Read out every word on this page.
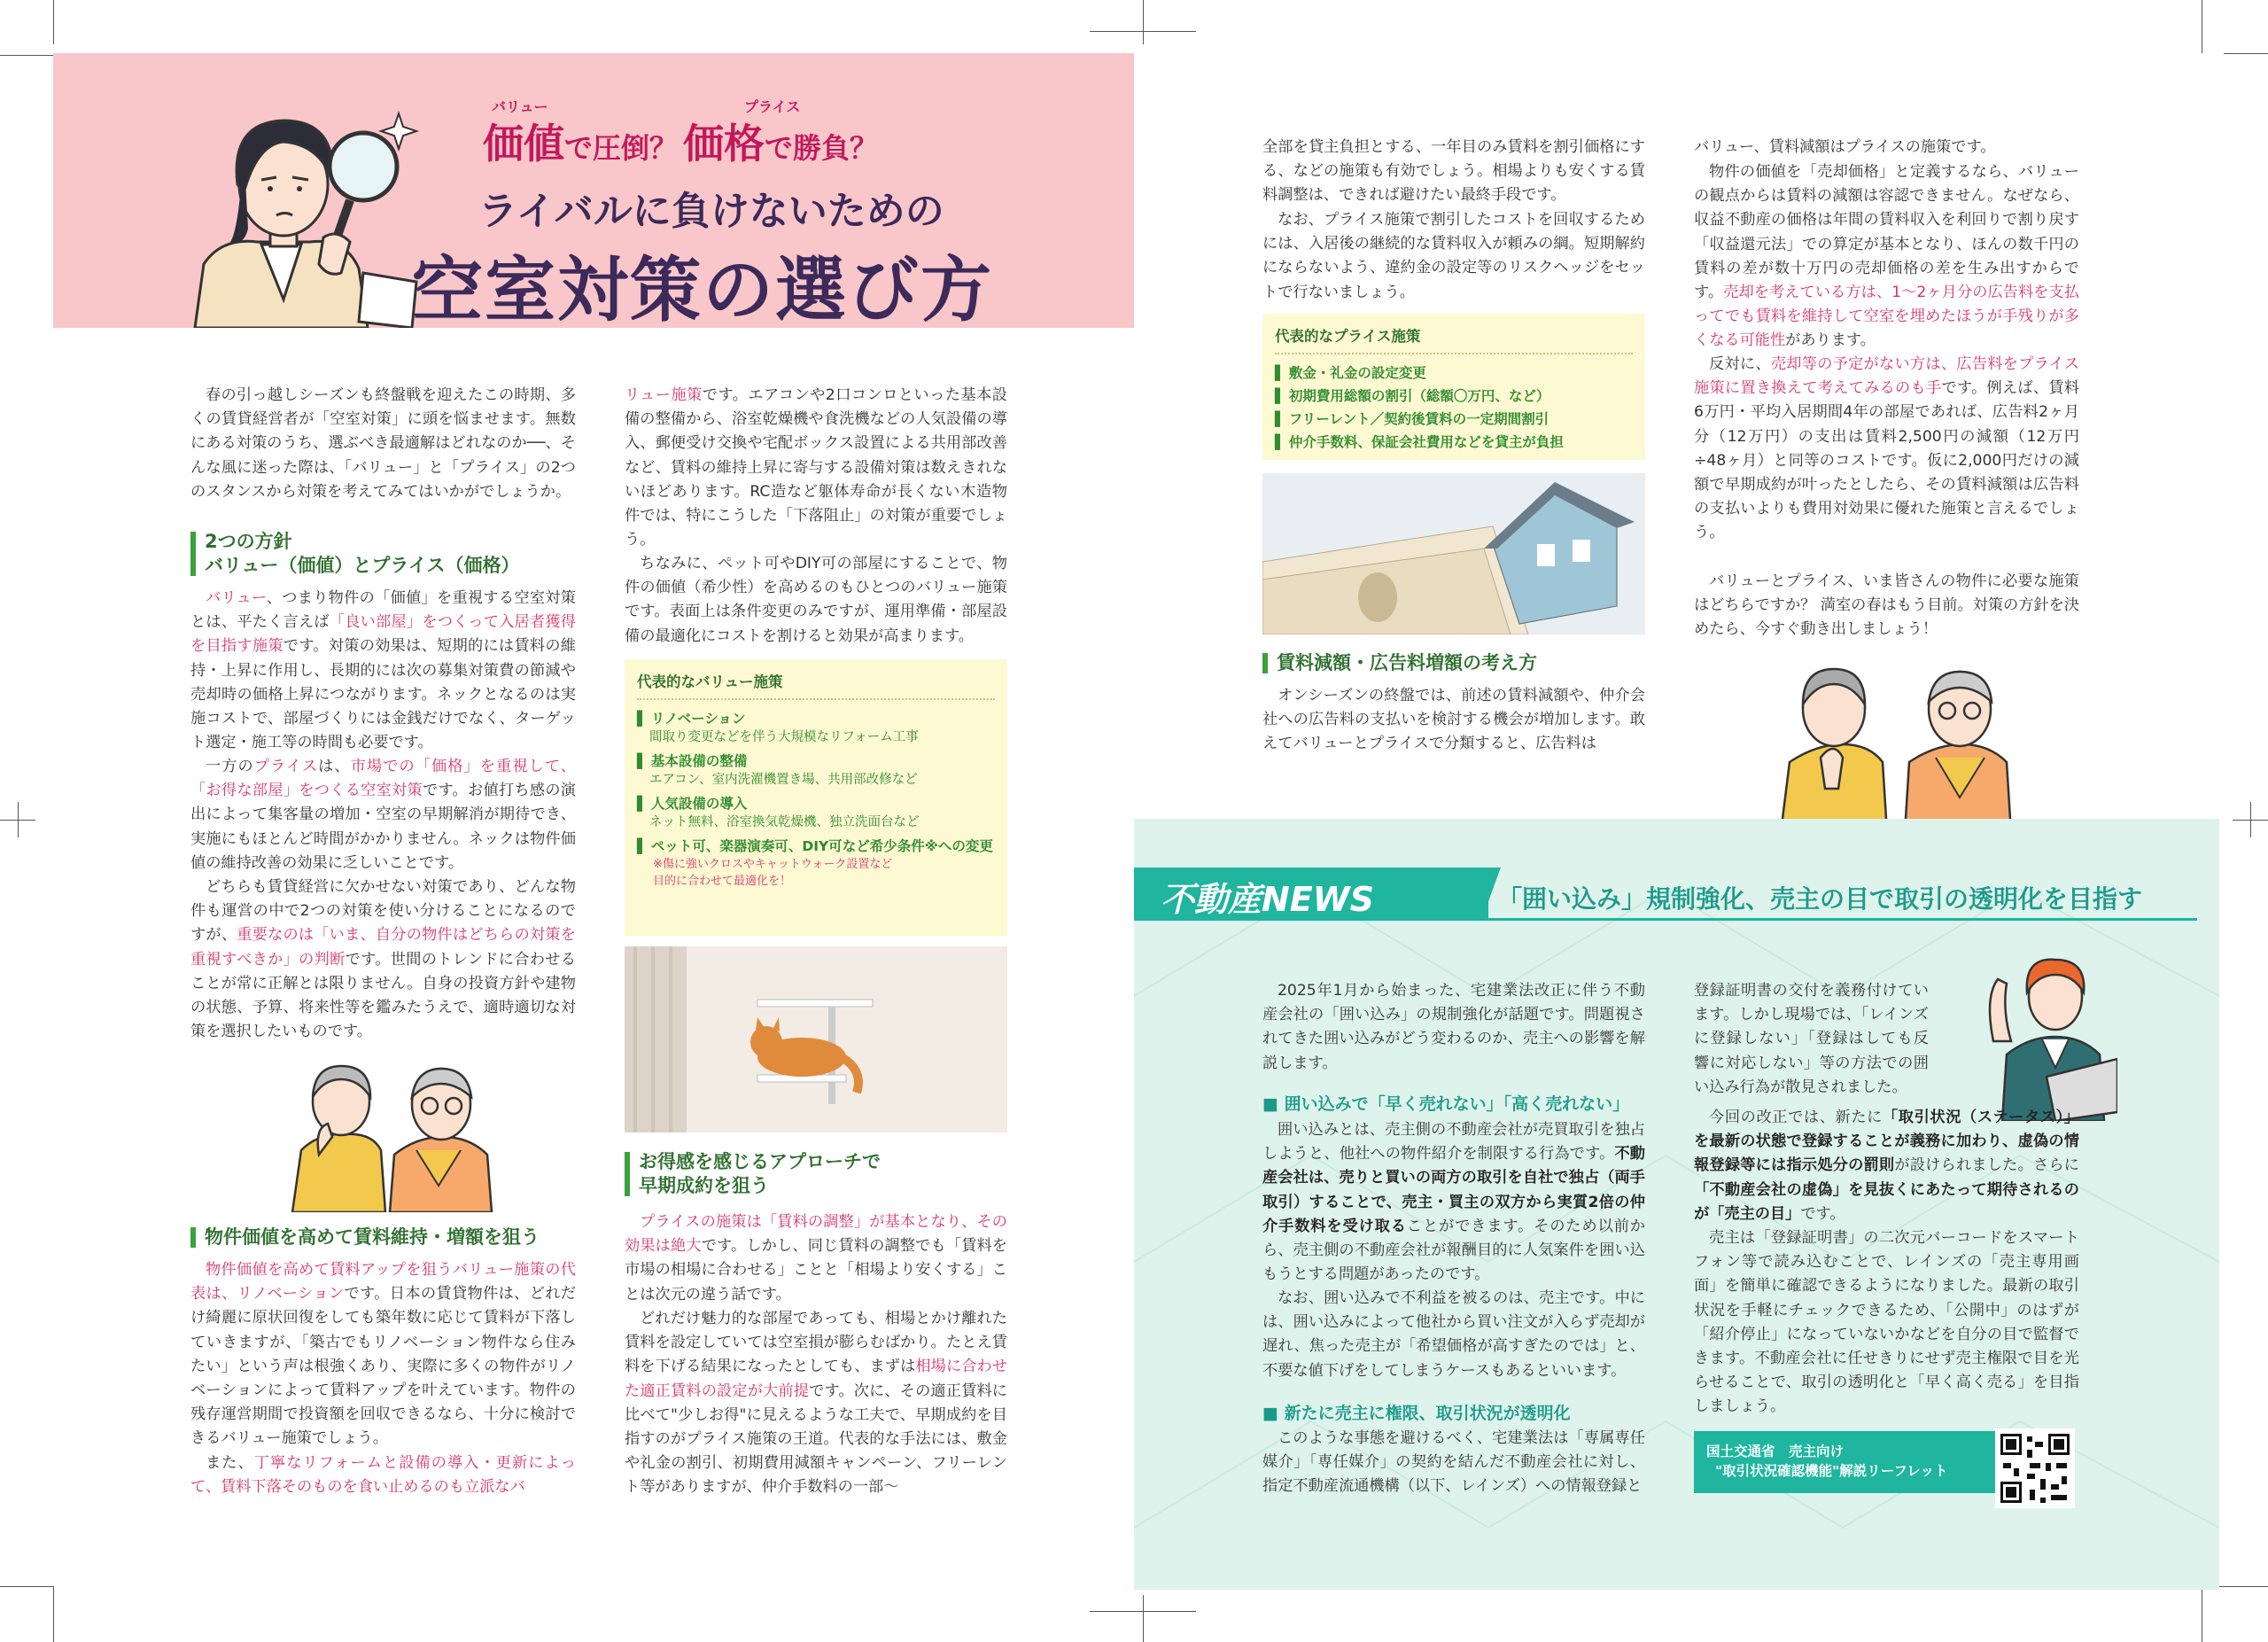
バリュー	プライス
価値で圧倒？ 価格で勝負？
ライバルに負けないための
空室対策の選び方
春の引っ越しシーズンも終盤戦を迎えたこの時期、多くの賃貸経営者が「空室対策」に頭を悩ませます。無数にある対策のうち、選ぶべき最適解はどれなのか──、そんな風に迷った際は、「バリュー」と「プライス」の2つのスタンスから対策を考えてみてはいかがでしょうか。
2つの方針
バリュー（価値）とプライス（価格）
バリュー、つまり物件の「価値」を重視する空室対策とは、平たく言えば「良い部屋」をつくって入居者獲得を目指す施策です。対策の効果は、短期的には賃料の維持・上昇に作用し、長期的には次の募集対策費の節減や売却時の価格上昇につながります。ネックとなるのは実施コストで、部屋づくりには金銭だけでなく、ターゲット選定・施工等の時間も必要です。
一方のプライスは、市場での「価格」を重視して、「お得な部屋」をつくる空室対策です。お値打ち感の演出によって集客量の増加・空室の早期解消が期待でき、実施にもほとんど時間がかかりません。ネックは物件価値の維持改善の効果に乏しいことです。
どちらも賃貸経営に欠かせない対策であり、どんな物件も運営の中で2つの対策を使い分けることになるのですが、重要なのは「いま、自分の物件はどちらの対策を重視すべきか」の判断です。世間のトレンドに合わせることが常に正解とは限りません。自身の投資方針や建物の状態、予算、将来性等を鑑みたうえで、適時適切な対策を選択したいものです。
物件価値を高めて賃料維持・増額を狙う
物件価値を高めて賃料アップを狙うバリュー施策の代表は、リノベーションです。日本の賃貸物件は、どれだけ綺麗に原状回復をしても築年数に応じて賃料が下落していきますが、「築古でもリノベーション物件なら住みたい」という声は根強くあり、実際に多くの物件がリノベーションによって賃料アップを叶えています。物件の残存運営期間で投資額を回収できるなら、十分に検討できるバリュー施策でしょう。
また、丁寧なリフォームと設備の導入・更新によって、賃料下落そのものを食い止めるのも立派なバ
リュー施策です。エアコンや2口コンロといった基本設備の整備から、浴室乾燥機や食洗機などの人気設備の導入、郵便受け交換や宅配ボックス設置による共用部改善など、賃料の維持上昇に寄与する設備対策は数えきれないほどあります。RC造など躯体寿命が長くない木造物件では、特にこうした「下落阻止」の対策が重要でしょう。
ちなみに、ペット可やDIY可の部屋にすることで、物件の価値（希少性）を高めるのもひとつのバリュー施策です。表面上は条件変更のみですが、運用準備・部屋設備の最適化にコストを割けると効果が高まります。
代表的なバリュー施策
▌ リノベーション
間取り変更などを伴う大規模なリフォーム工事
▌ 基本設備の整備
エアコン、室内洗濯機置き場、共用部改修など
▌ 人気設備の導入
ネット無料、浴室換気乾燥機、独立洗面台など
▌ ペット可、楽器演奏可、DIY可など希少条件※への変更
※傷に強いクロスやキャットウォーク設置など
目的に合わせて最適化を！
お得感を感じるアプローチで
早期成約を狙う
プライスの施策は「賃料の調整」が基本となり、その効果は絶大です。しかし、同じ賃料の調整でも「賃料を市場の相場に合わせる」ことと「相場より安くする」ことは次元の違う話です。
どれだけ魅力的な部屋であっても、相場とかけ離れた賃料を設定していては空室損が膨らむばかり。たとえ賃料を下げる結果になったとしても、まずは相場に合わせた適正賃料の設定が大前提です。次に、その適正賃料に比べて"少しお得"に見えるような工夫で、早期成約を目指すのがプライス施策の王道。代表的な手法には、敷金や礼金の割引、初期費用減額キャンペーン、フリーレント等がありますが、仲介手数料の一部〜
全部を貸主負担とする、一年目のみ賃料を割引価格にする、などの施策も有効でしょう。相場よりも安くする賃料調整は、できれば避けたい最終手段です。
なお、プライス施策で割引したコストを回収するためには、入居後の継続的な賃料収入が頼みの綱。短期解約にならないよう、違約金の設定等のリスクヘッジをセットで行ないましょう。
代表的なプライス施策
▌ 敷金・礼金の設定変更
▌ 初期費用総額の割引（総額〇万円、など）
▌ フリーレント／契約後賃料の一定期間割引
▌ 仲介手数料、保証会社費用などを貸主が負担
賃料減額・広告料増額の考え方
オンシーズンの終盤では、前述の賃料減額や、仲介会社への広告料の支払いを検討する機会が増加します。敢えてバリューとプライスで分類すると、広告料は
バリュー、賃料減額はプライスの施策です。
物件の価値を「売却価格」と定義するなら、バリューの観点からは賃料の減額は容認できません。なぜなら、収益不動産の価格は年間の賃料収入を利回りで割り戻す「収益還元法」での算定が基本となり、ほんの数千円の賃料の差が数十万円の売却価格の差を生み出すからです。売却を考えている方は、1〜2ヶ月分の広告料を支払ってでも賃料を維持して空室を埋めたほうが手残りが多くなる可能性があります。
反対に、売却等の予定がない方は、広告料をプライス施策に置き換えて考えてみるのも手です。例えば、賃料6万円・平均入居期間4年の部屋であれば、広告料2ヶ月分（12万円）の支出は賃料2,500円の減額（12万円÷48ヶ月）と同等のコストです。仮に2,000円だけの減額で早期成約が叶ったとしたら、その賃料減額は広告料の支払いよりも費用対効果に優れた施策と言えるでしょう。
バリューとプライス、いま皆さんの物件に必要な施策はどちらですか？ 満室の春はもう目前。対策の方針を決めたら、今すぐ動き出しましょう！
不動産NEWS	「囲い込み」規制強化、売主の目で取引の透明化を目指す
2025年1月から始まった、宅建業法改正に伴う不動産会社の「囲い込み」の規制強化が話題です。問題視されてきた囲い込みがどう変わるのか、売主への影響を解説します。
■ 囲い込みで「早く売れない」「高く売れない」
囲い込みとは、売主側の不動産会社が売買取引を独占しようと、他社への物件紹介を制限する行為です。不動産会社は、売りと買いの両方の取引を自社で独占（両手取引）することで、売主・買主の双方から実質2倍の仲介手数料を受け取ることができます。そのため以前から、売主側の不動産会社が報酬目的に人気案件を囲い込もうとする問題があったのです。
なお、囲い込みで不利益を被るのは、売主です。中には、囲い込みによって他社から買い注文が入らず売却が遅れ、焦った売主が「希望価格が高すぎたのでは」と、不要な値下げをしてしまうケースもあるといいます。
■ 新たに売主に権限、取引状況が透明化
このような事態を避けるべく、宅建業法は「専属専任媒介」「専任媒介」の契約を結んだ不動産会社に対し、指定不動産流通機構（以下、レインズ）への情報登録と
登録証明書の交付を義務付けています。しかし現場では、「レインズに登録しない」「登録はしても反響に対応しない」等の方法での囲い込み行為が散見されました。
今回の改正では、新たに「取引状況（ステータス）」を最新の状態で登録することが義務に加わり、虚偽の情報登録等には指示処分の罰則が設けられました。さらに「不動産会社の虚偽」を見抜くにあたって期待されるのが「売主の目」です。
売主は「登録証明書」の二次元バーコードをスマートフォン等で読み込むことで、レインズの「売主専用画面」を簡単に確認できるようになりました。最新の取引状況を手軽にチェックできるため、「公開中」のはずが「紹介停止」になっていないかなどを自分の目で監督できます。不動産会社に任せきりにせず売主権限で目を光らせることで、取引の透明化と「早く高く売る」を目指しましょう。
国土交通省　売主向け
"取引状況確認機能"解説リーフレット
